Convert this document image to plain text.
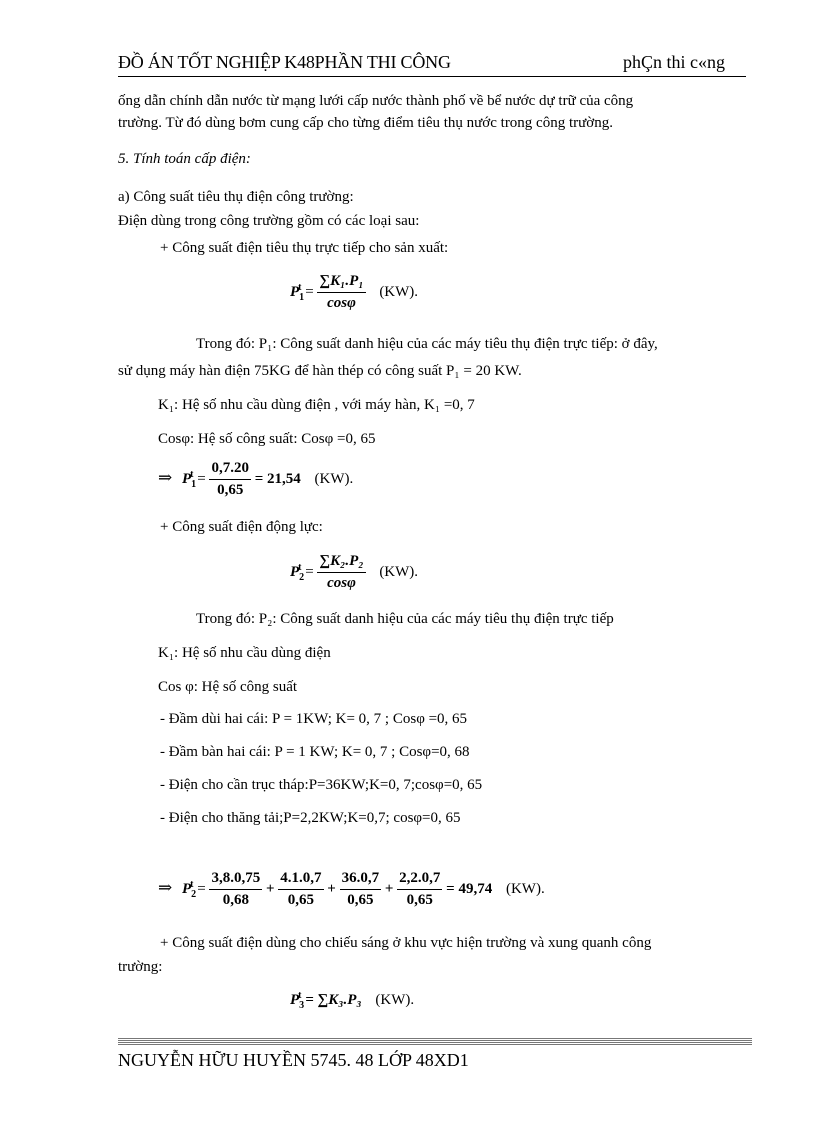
ĐỒ ÁN TỐT NGHIỆP K48PHẦN THI CÔNG	phÇn thi c«ng
ống dẫn chính dẫn nước từ mạng lưới cấp nước thành phố về bể nước dự trữ của công
trường. Từ đó dùng bơm cung cấp cho từng điểm tiêu thụ nước trong công trường.
5. Tính toán cấp điện:
a) Công suất tiêu thụ điện công trường:
Điện dùng trong công trường gồm có các loại sau:
+ Công suất điện tiêu thụ trực tiếp cho sản xuất:
$P_1^t = \frac{\text{∑K₁.P₁}}{\cos\varphi} (KW)$.
Trong đó: P₁: Công suất danh hiệu của các máy tiêu thụ điện trực tiếp: ở đây,
sử dụng máy hàn điện 75KG để hàn thép có công suất P₁ = 20 KW.
K₁: Hệ số nhu cầu dùng điện , với máy hàn, K₁ =0, 7
Cosφ: Hệ số công suất: Cosφ =0, 65
⇒ $P_1^t = \frac{0,7.20}{0,65} = 21,54$ (KW).
+ Công suất điện động lực:
$P_2^t = \frac{\text{∑K₂.P₂}}{\cos\varphi} (KW)$.
Trong đó: P₂: Công suất danh hiệu của các máy tiêu thụ điện trực tiếp
K₁: Hệ số nhu cầu dùng điện
Cos φ: Hệ số công suất
- Đầm dùi hai cái: P = 1KW; K= 0, 7 ; Cosφ =0, 65
- Đầm bàn hai cái: P = 1 KW; K= 0, 7 ; Cosφ=0, 68
- Điện cho cần trục tháp:P=36KW;K=0, 7;cosφ=0, 65
- Điện cho thăng tải;P=2,2KW;K=0,7; cosφ=0, 65
⇒ $P_2^t = \frac{3,8.0,75}{0,68} + \frac{4.1.0,7}{0,65} + \frac{36.0,7}{0,65} + \frac{2,2.0,7}{0,65} = 49,74$ (KW).
+ Công suất điện dùng cho chiếu sáng ở khu vực hiện trường và xung quanh công
trường:
$P_3^t = \sum K_3.P_3$ (KW).
NGUYỄN HỮU HUYỀN 5745. 48 LỚP 48XD1
